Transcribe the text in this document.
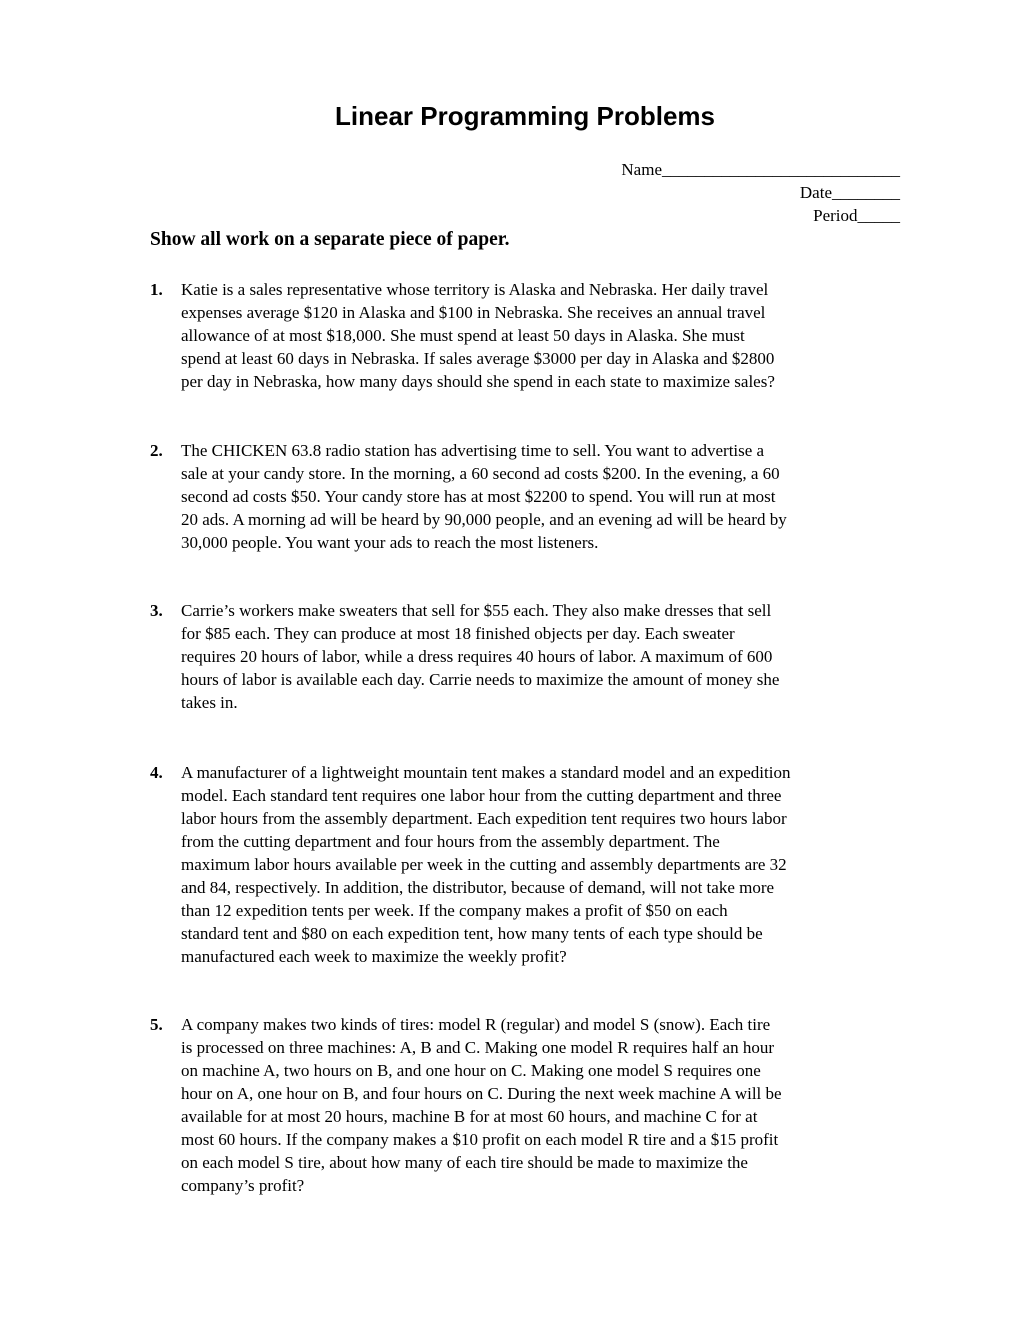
Linear Programming Problems
Name____________________________
Date________
Period_____
Show all work on a separate piece of paper.
1. Katie is a sales representative whose territory is Alaska and Nebraska. Her daily travel
expenses average $120 in Alaska and $100 in Nebraska. She receives an annual travel
allowance of at most $18,000. She must spend at least 50 days in Alaska. She must
spend at least 60 days in Nebraska. If sales average $3000 per day in Alaska and $2800
per day in Nebraska, how many days should she spend in each state to maximize sales?
2. The CHICKEN 63.8 radio station has advertising time to sell. You want to advertise a
sale at your candy store. In the morning, a 60 second ad costs $200. In the evening, a 60
second ad costs $50. Your candy store has at most $2200 to spend. You will run at most
20 ads. A morning ad will be heard by 90,000 people, and an evening ad will be heard by
30,000 people. You want your ads to reach the most listeners.
3. Carrie’s workers make sweaters that sell for $55 each. They also make dresses that sell
for $85 each. They can produce at most 18 finished objects per day. Each sweater
requires 20 hours of labor, while a dress requires 40 hours of labor. A maximum of 600
hours of labor is available each day. Carrie needs to maximize the amount of money she
takes in.
4. A manufacturer of a lightweight mountain tent makes a standard model and an expedition
model. Each standard tent requires one labor hour from the cutting department and three
labor hours from the assembly department. Each expedition tent requires two hours labor
from the cutting department and four hours from the assembly department. The
maximum labor hours available per week in the cutting and assembly departments are 32
and 84, respectively. In addition, the distributor, because of demand, will not take more
than 12 expedition tents per week. If the company makes a profit of $50 on each
standard tent and $80 on each expedition tent, how many tents of each type should be
manufactured each week to maximize the weekly profit?
5. A company makes two kinds of tires: model R (regular) and model S (snow). Each tire
is processed on three machines: A, B and C. Making one model R requires half an hour
on machine A, two hours on B, and one hour on C. Making one model S requires one
hour on A, one hour on B, and four hours on C. During the next week machine A will be
available for at most 20 hours, machine B for at most 60 hours, and machine C for at
most 60 hours. If the company makes a $10 profit on each model R tire and a $15 profit
on each model S tire, about how many of each tire should be made to maximize the
company’s profit?
